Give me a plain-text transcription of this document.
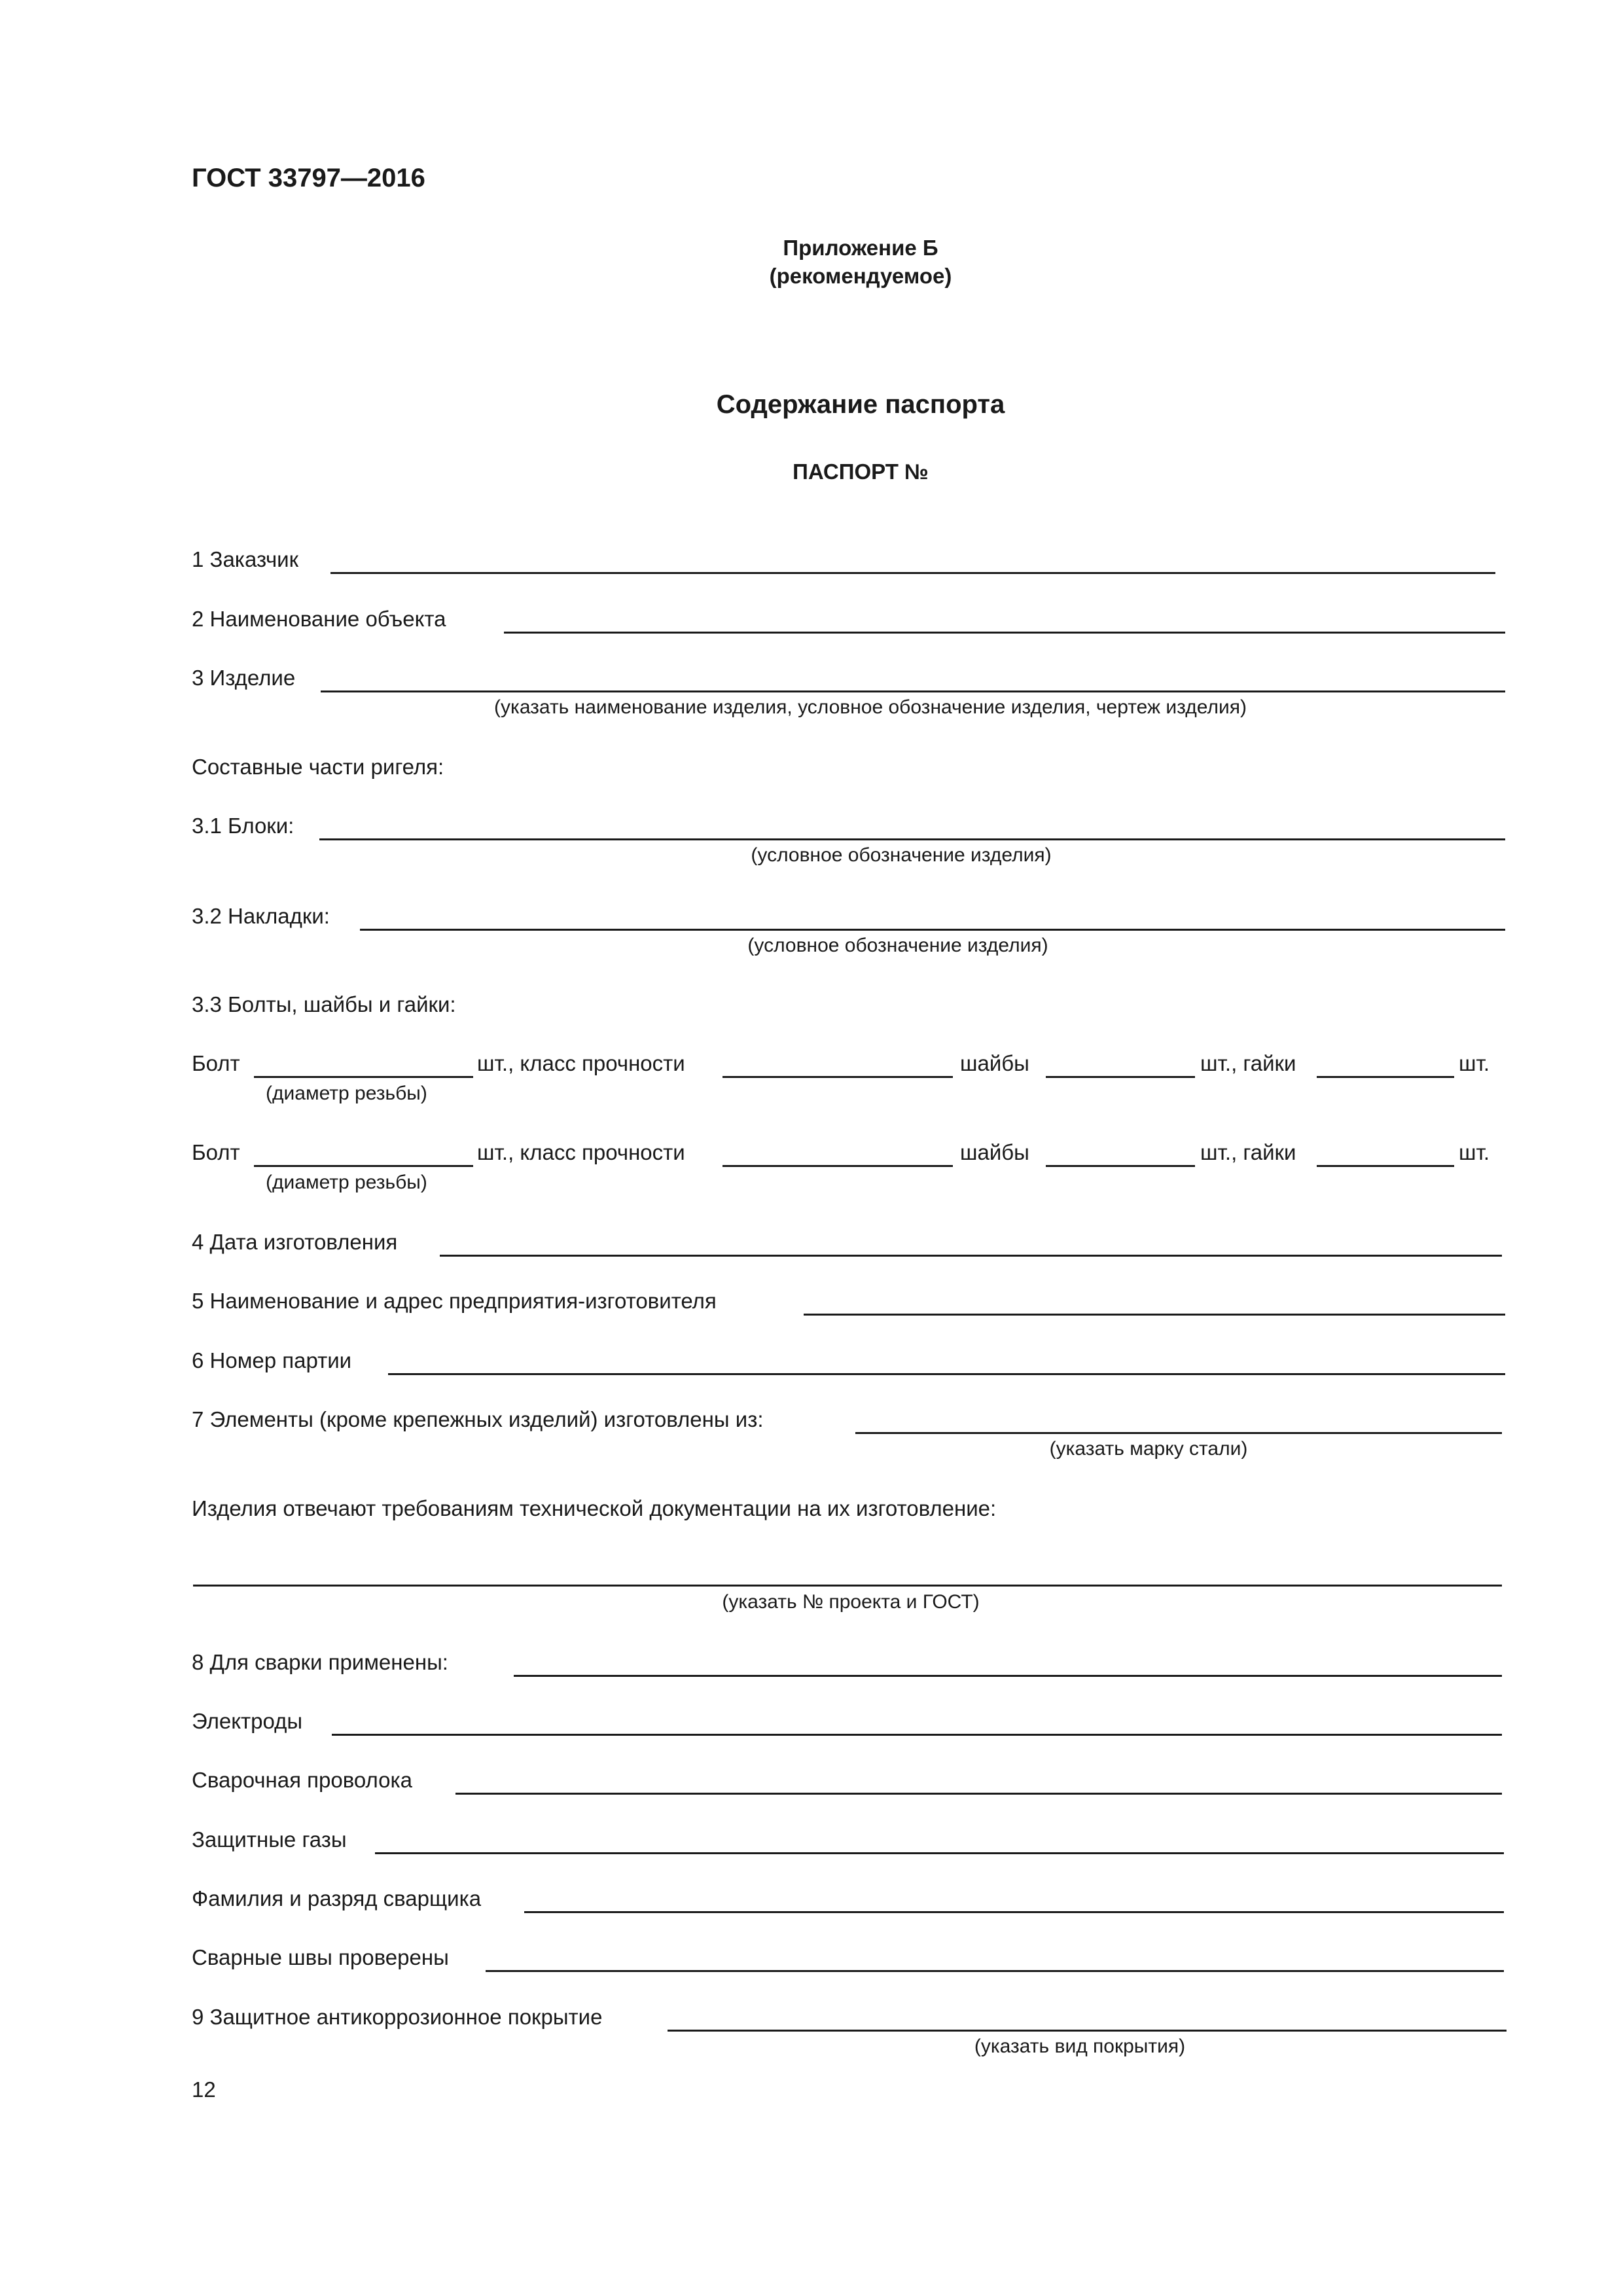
ГОСТ 33797—2016
Приложение Б
(рекомендуемое)
Содержание паспорта
ПАСПОРТ №
1 Заказчик
2 Наименование объекта
3 Изделие
(указать наименование изделия, условное обозначение изделия, чертеж изделия)
Составные части ригеля:
3.1 Блоки:
(условное обозначение изделия)
3.2 Накладки:
(условное обозначение изделия)
3.3 Болты, шайбы и гайки:
Болт	шт., класс прочности	шайбы	шт., гайки	шт.
(диаметр резьбы)
Болт	шт., класс прочности	шайбы	шт., гайки	шт.
(диаметр резьбы)
4 Дата изготовления
5 Наименование и адрес предприятия-изготовителя
6 Номер партии
7 Элементы (кроме крепежных изделий) изготовлены из:
(указать марку стали)
Изделия отвечают требованиям технической документации на их изготовление:
(указать № проекта и ГОСТ)
8 Для сварки применены:
Электроды
Сварочная проволока
Защитные газы
Фамилия и разряд сварщика
Сварные швы проверены
9 Защитное антикоррозионное покрытие
(указать вид покрытия)
12
